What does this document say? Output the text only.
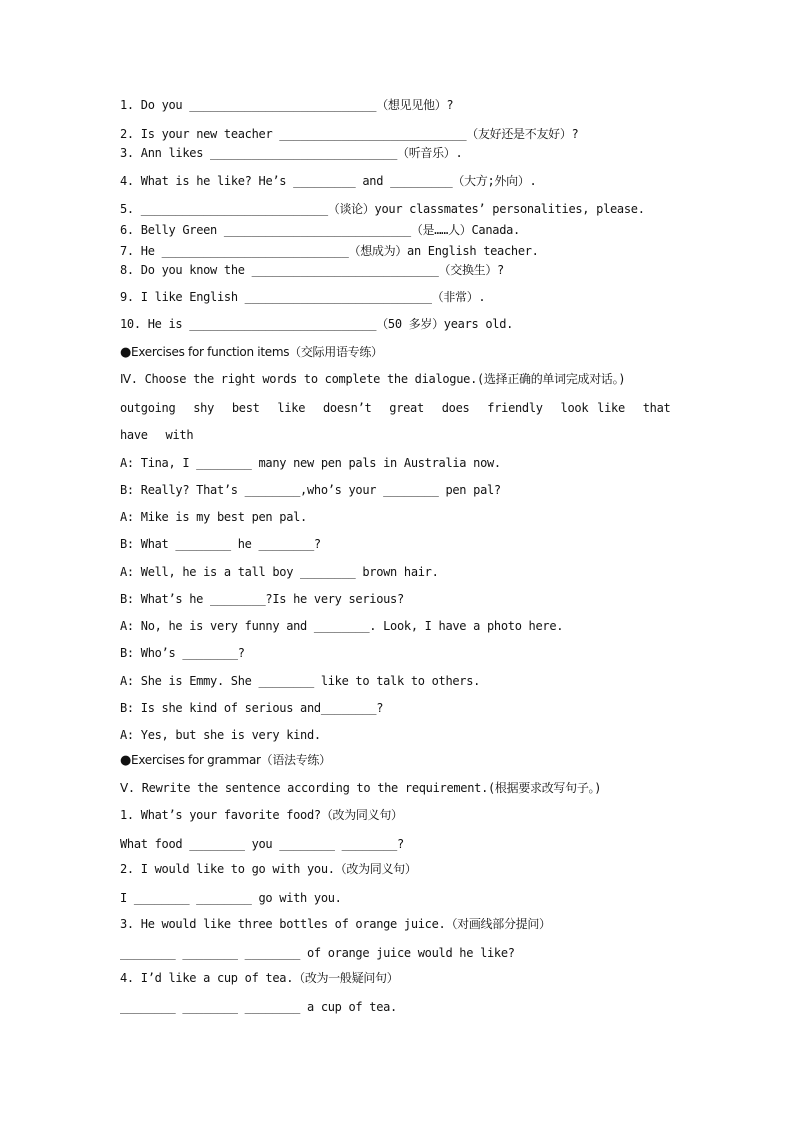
1. Do you ___________________________（想见见他）?
2. Is your new teacher ___________________________（友好还是不友好）?
3. Ann likes ___________________________（听音乐）.
4. What is he like? He’s _________ and _________（大方;外向）.
5. ___________________________（谈论）your classmates’ personalities, please.
6. Belly Green ___________________________（是……人）Canada.
7. He ___________________________（想成为）an English teacher.
8. Do you know the ___________________________（交换生）?
9. I like English ___________________________（非常）.
10. He is ___________________________（50 多岁）years old.
●Exercises for function items（交际用语专练）
Ⅳ. Choose the right words to complete the dialogue.(选择正确的单词完成对话。)
outgoing  shy  best  like  doesn’t  great  does  friendly  look like  that
have  with
A: Tina, I ________ many new pen pals in Australia now.
B: Really? That’s ________,who’s your ________ pen pal?
A: Mike is my best pen pal.
B: What ________ he ________?
A: Well, he is a tall boy ________ brown hair.
B: What’s he ________?Is he very serious?
A: No, he is very funny and ________. Look, I have a photo here.
B: Who’s ________?
A: She is Emmy. She ________ like to talk to others.
B: Is she kind of serious and________?
A: Yes, but she is very kind.
●Exercises for grammar（语法专练）
Ⅴ. Rewrite the sentence according to the requirement.(根据要求改写句子。)
1. What’s your favorite food?（改为同义句）
What food ________ you ________ ________?
2. I would like to go with you.（改为同义句）
I ________ ________ go with you.
3. He would like three bottles of orange juice.（对画线部分提问）
________ ________ ________ of orange juice would he like?
4. I’d like a cup of tea.（改为一般疑问句）
________ ________ ________ a cup of tea.
